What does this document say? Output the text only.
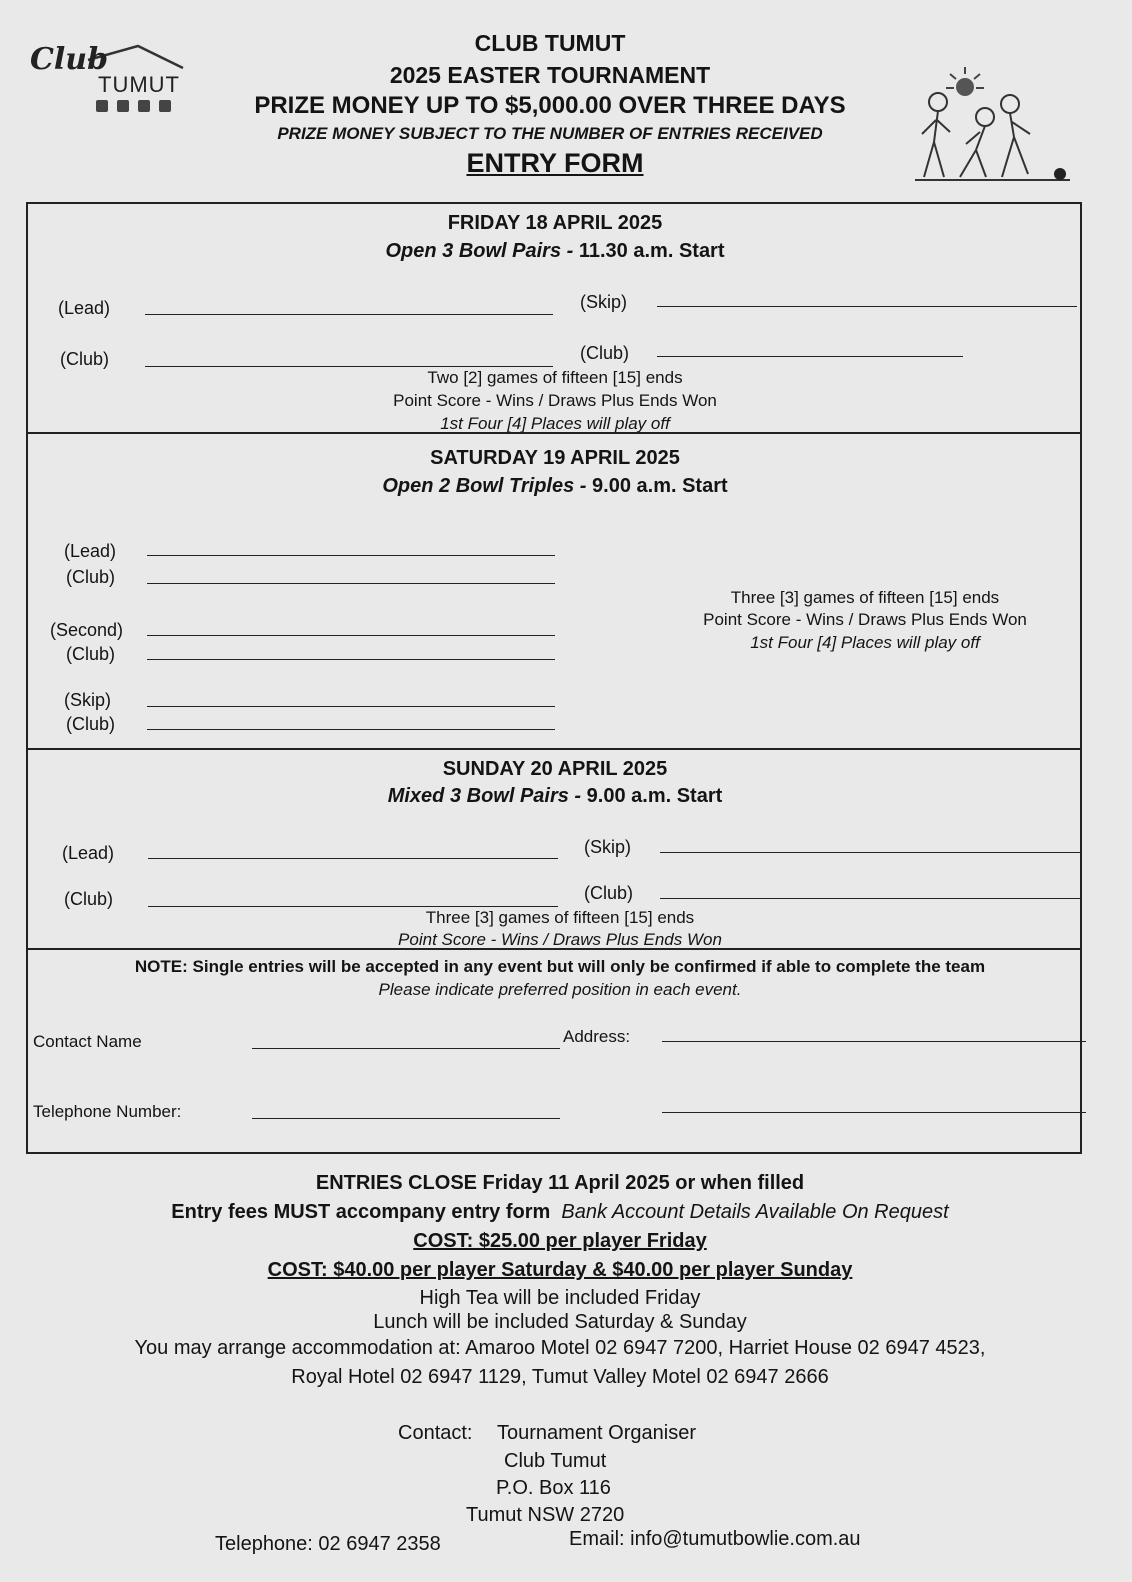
Club
TUMUT
CLUB TUMUT
2025 EASTER TOURNAMENT
PRIZE MONEY UP TO $5,000.00 OVER THREE DAYS
PRIZE MONEY SUBJECT TO THE NUMBER OF ENTRIES RECEIVED
ENTRY FORM
FRIDAY 18 APRIL 2025
Open 3 Bowl Pairs - 11.30 a.m. Start
(Lead)	(Skip)
(Club)	(Club)
Two [2] games of fifteen [15] ends
Point Score - Wins / Draws Plus Ends Won
1st Four [4] Places will play off
SATURDAY 19 APRIL 2025
Open 2 Bowl Triples - 9.00 a.m. Start
(Lead)
(Club)
(Second)
(Club)
(Skip)
(Club)
Three [3] games of fifteen [15] ends
Point Score - Wins / Draws Plus Ends Won
1st Four [4] Places will play off
SUNDAY 20 APRIL 2025
Mixed 3 Bowl Pairs - 9.00 a.m. Start
(Lead)	(Skip)
(Club)	(Club)
Three [3] games of fifteen [15] ends
Point Score - Wins / Draws Plus Ends Won
NOTE: Single entries will be accepted in any event but will only be confirmed if able to complete the team
Please indicate preferred position in each event.
Contact Name	Address:
Telephone Number:
ENTRIES CLOSE Friday 11 April 2025 or when filled
Entry fees MUST accompany entry form Bank Account Details Available On Request
COST: $25.00 per player Friday
COST: $40.00 per player Saturday & $40.00 per player Sunday
High Tea will be included Friday
Lunch will be included Saturday & Sunday
You may arrange accommodation at: Amaroo Motel 02 6947 7200, Harriet House 02 6947 4523,
Royal Hotel 02 6947 1129, Tumut Valley Motel 02 6947 2666
Contact: Tournament Organiser
Club Tumut
P.O. Box 116
Tumut NSW 2720
Telephone: 02 6947 2358	Email: info@tumutbowlie.com.au
